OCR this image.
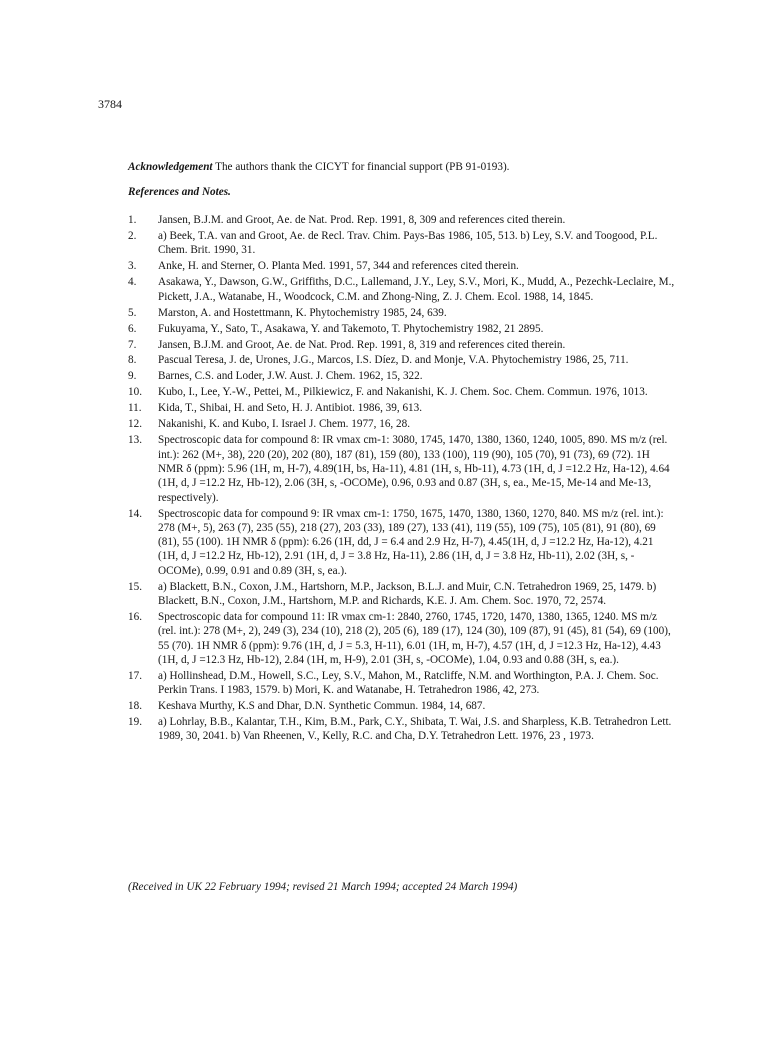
3784
Acknowledgement The authors thank the CICYT for financial support (PB 91-0193).
References and Notes.
1. Jansen, B.J.M. and Groot, Ae. de Nat. Prod. Rep. 1991, 8, 309 and references cited therein.
2. a) Beek, T.A. van and Groot, Ae. de Recl. Trav. Chim. Pays-Bas 1986, 105, 513. b) Ley, S.V. and Toogood, P.L. Chem. Brit. 1990, 31.
3. Anke, H. and Sterner, O. Planta Med. 1991, 57, 344 and references cited therein.
4. Asakawa, Y., Dawson, G.W., Griffiths, D.C., Lallemand, J.Y., Ley, S.V., Mori, K., Mudd, A., Pezechk-Leclaire, M., Pickett, J.A., Watanabe, H., Woodcock, C.M. and Zhong-Ning, Z. J. Chem. Ecol. 1988, 14, 1845.
5. Marston, A. and Hostettmann, K. Phytochemistry 1985, 24, 639.
6. Fukuyama, Y., Sato, T., Asakawa, Y. and Takemoto, T. Phytochemistry 1982, 21 2895.
7. Jansen, B.J.M. and Groot, Ae. de Nat. Prod. Rep. 1991, 8, 319 and references cited therein.
8. Pascual Teresa, J. de, Urones, J.G., Marcos, I.S. Díez, D. and Monje, V.A. Phytochemistry 1986, 25, 711.
9. Barnes, C.S. and Loder, J.W. Aust. J. Chem. 1962, 15, 322.
10. Kubo, I., Lee, Y.-W., Pettei, M., Pilkiewicz, F. and Nakanishi, K. J. Chem. Soc. Chem. Commun. 1976, 1013.
11. Kida, T., Shibai, H. and Seto, H. J. Antibiot. 1986, 39, 613.
12. Nakanishi, K. and Kubo, I. Israel J. Chem. 1977, 16, 28.
13. Spectroscopic data for compound 8: IR νmax cm-1: 3080, 1745, 1470, 1380, 1360, 1240, 1005, 890. MS m/z (rel. int.): 262 (M+, 38), 220 (20), 202 (80), 187 (81), 159 (80), 133 (100), 119 (90), 105 (70), 91 (73), 69 (72). 1H NMR δ (ppm): 5.96 (1H, m, H-7), 4.89(1H, bs, Ha-11), 4.81 (1H, s, Hb-11), 4.73 (1H, d, J =12.2 Hz, Ha-12), 4.64 (1H, d, J =12.2 Hz, Hb-12), 2.06 (3H, s, -OCOMe), 0.96, 0.93 and 0.87 (3H, s, ea., Me-15, Me-14 and Me-13, respectively).
14. Spectroscopic data for compound 9: IR νmax cm-1: 1750, 1675, 1470, 1380, 1360, 1270, 840. MS m/z (rel. int.): 278 (M+, 5), 263 (7), 235 (55), 218 (27), 203 (33), 189 (27), 133 (41), 119 (55), 109 (75), 105 (81), 91 (80), 69 (81), 55 (100). 1H NMR δ (ppm): 6.26 (1H, dd, J = 6.4 and 2.9 Hz, H-7), 4.45(1H, d, J =12.2 Hz, Ha-12), 4.21 (1H, d, J =12.2 Hz, Hb-12), 2.91 (1H, d, J = 3.8 Hz, Ha-11), 2.86 (1H, d, J = 3.8 Hz, Hb-11), 2.02 (3H, s, -OCOMe), 0.99, 0.91 and 0.89 (3H, s, ea.).
15. a) Blackett, B.N., Coxon, J.M., Hartshorn, M.P., Jackson, B.L.J. and Muir, C.N. Tetrahedron 1969, 25, 1479. b) Blackett, B.N., Coxon, J.M., Hartshorn, M.P. and Richards, K.E. J. Am. Chem. Soc. 1970, 72, 2574.
16. Spectroscopic data for compound 11: IR νmax cm-1: 2840, 2760, 1745, 1720, 1470, 1380, 1365, 1240. MS m/z (rel. int.): 278 (M+, 2), 249 (3), 234 (10), 218 (2), 205 (6), 189 (17), 124 (30), 109 (87), 91 (45), 81 (54), 69 (100), 55 (70). 1H NMR δ (ppm): 9.76 (1H, d, J = 5.3, H-11), 6.01 (1H, m, H-7), 4.57 (1H, d, J =12.3 Hz, Ha-12), 4.43 (1H, d, J =12.3 Hz, Hb-12), 2.84 (1H, m, H-9), 2.01 (3H, s, -OCOMe), 1.04, 0.93 and 0.88 (3H, s, ea.).
17. a) Hollinshead, D.M., Howell, S.C., Ley, S.V., Mahon, M., Ratcliffe, N.M. and Worthington, P.A. J. Chem. Soc. Perkin Trans. I 1983, 1579. b) Mori, K. and Watanabe, H. Tetrahedron 1986, 42, 273.
18. Keshava Murthy, K.S and Dhar, D.N. Synthetic Commun. 1984, 14, 687.
19. a) Lohrlay, B.B., Kalantar, T.H., Kim, B.M., Park, C.Y., Shibata, T. Wai, J.S. and Sharpless, K.B. Tetrahedron Lett. 1989, 30, 2041. b) Van Rheenen, V., Kelly, R.C. and Cha, D.Y. Tetrahedron Lett. 1976, 23 , 1973.
(Received in UK 22 February 1994; revised 21 March 1994; accepted 24 March 1994)
